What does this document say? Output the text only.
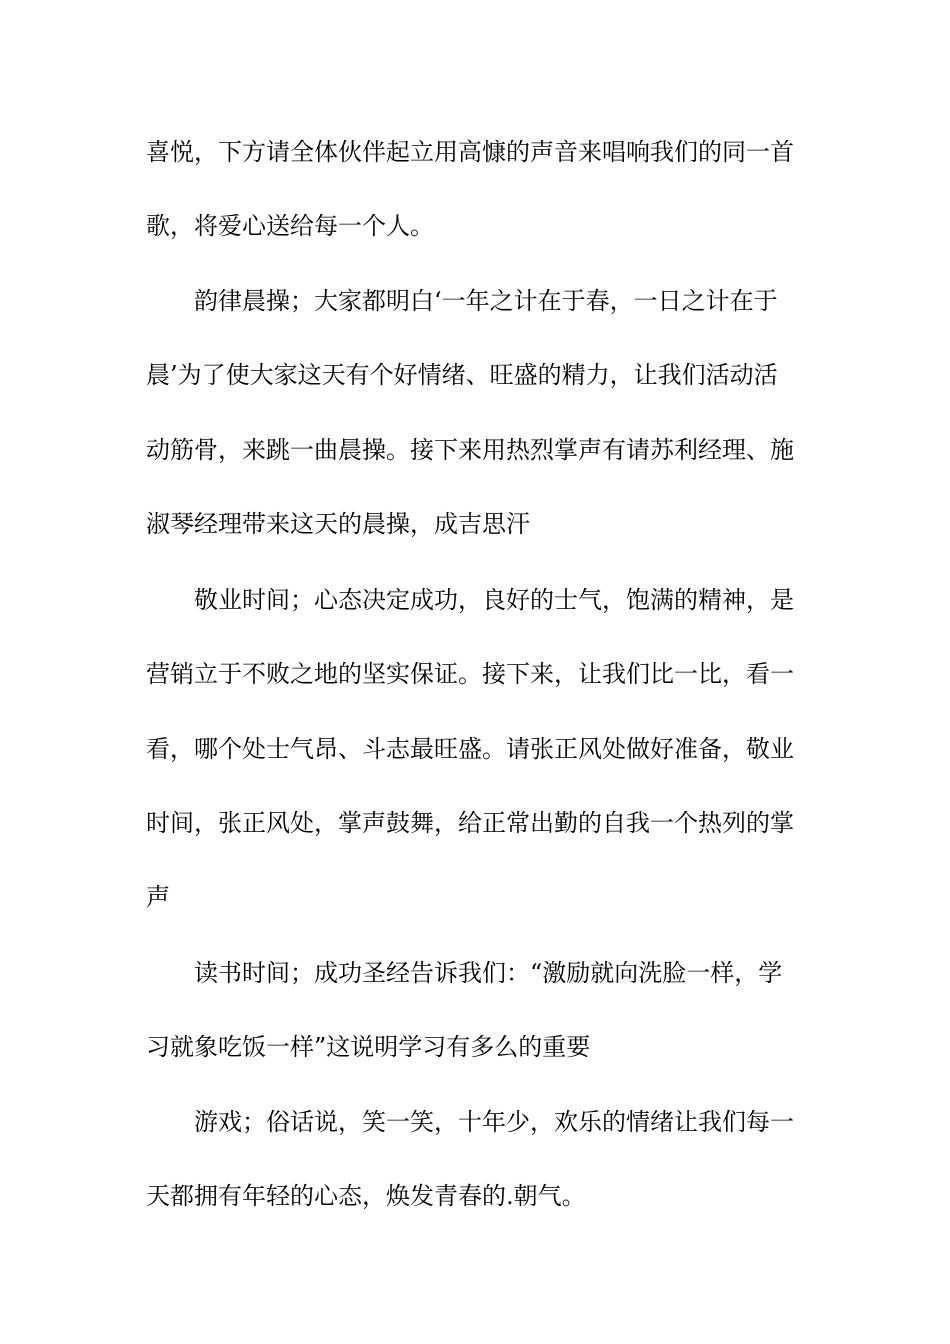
喜悦，下方请全体伙伴起立用高慷的声音来唱响我们的同一首
歌，将爱心送给每一个人。
韵律晨操；大家都明白‘一年之计在于春，一日之计在于
晨’为了使大家这天有个好情绪、旺盛的精力，让我们活动活
动筋骨，来跳一曲晨操。接下来用热烈掌声有请苏利经理、施
淑琴经理带来这天的晨操，成吉思汗
敬业时间；心态决定成功，良好的士气，饱满的精神，是
营销立于不败之地的坚实保证。接下来，让我们比一比，看一
看，哪个处士气昂、斗志最旺盛。请张正风处做好准备，敬业
时间，张正风处，掌声鼓舞，给正常出勤的自我一个热列的掌
声
读书时间；成功圣经告诉我们：“激励就向洗脸一样，学
习就象吃饭一样”这说明学习有多么的重要
游戏；俗话说，笑一笑，十年少，欢乐的情绪让我们每一
天都拥有年轻的心态，焕发青春的.朝气。
